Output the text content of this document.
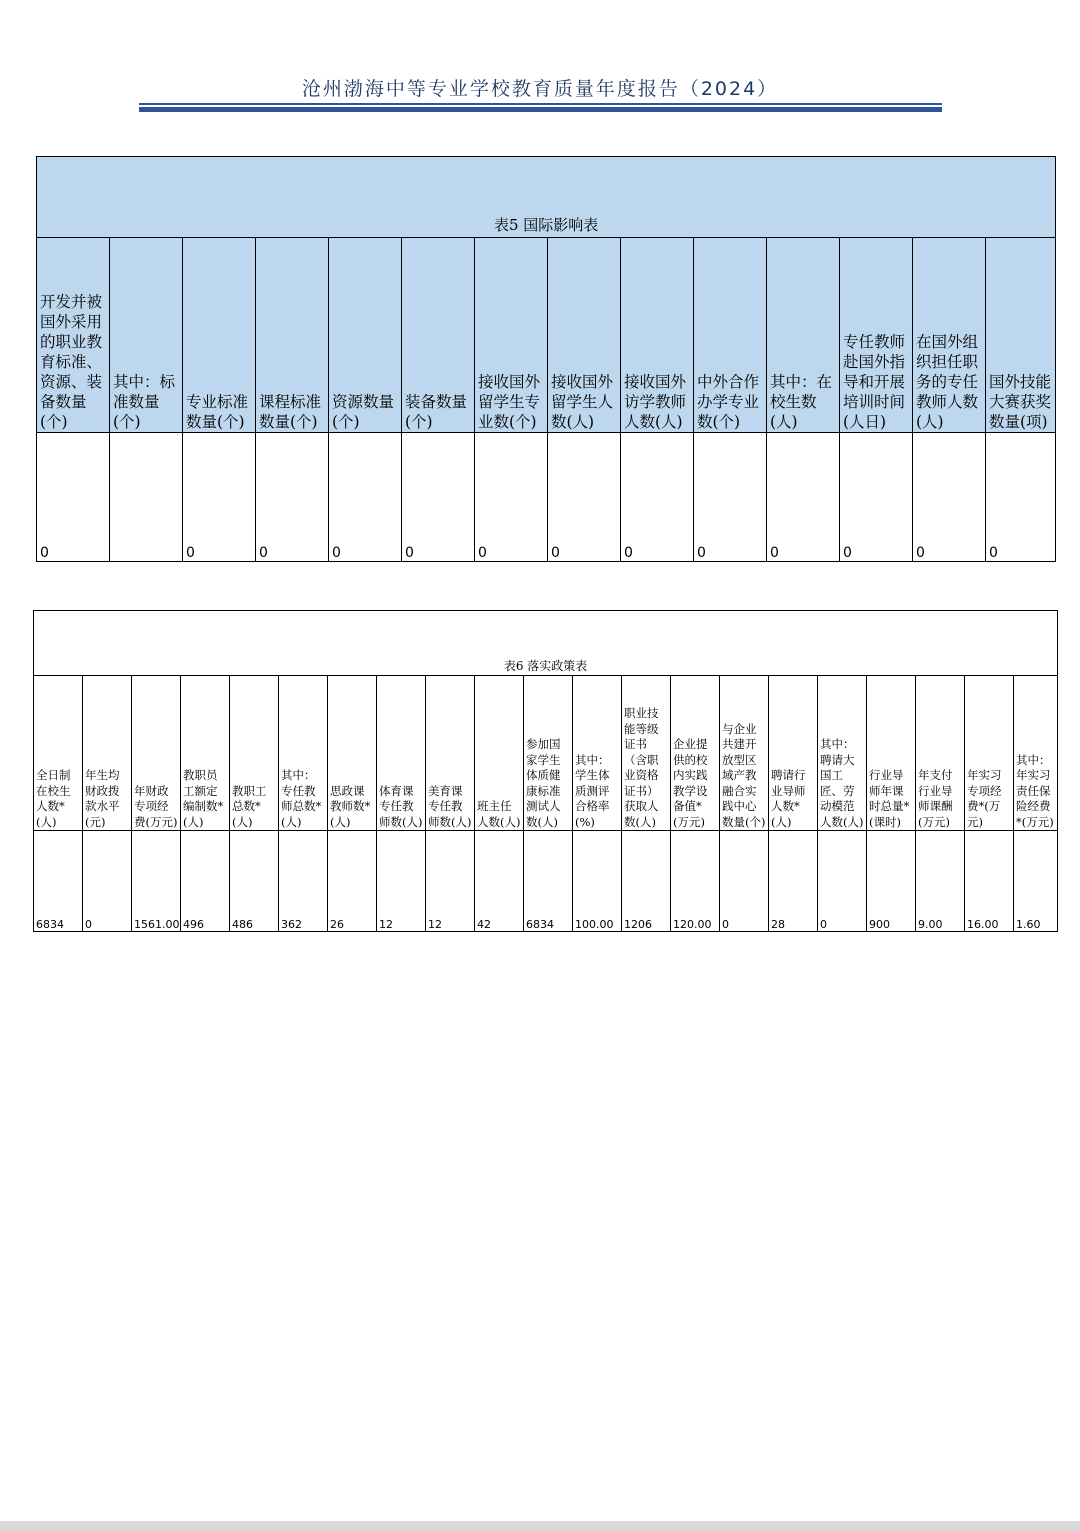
沧州渤海中等专业学校教育质量年度报告（2024）
表5 国际影响表													
开发并被国外采用的职业教育标准、资源、装备数量(个)	其中：标准数量(个)	专业标准数量(个)	课程标准数量(个)	资源数量(个)	装备数量(个)	接收国外留学生专业数(个)	接收国外留学生人数(人)	接收国外访学教师人数(人)	中外合作办学专业数(个)	其中：在校生数(人)	专任教师赴国外指导和开展培训时间(人日)	在国外组织担任职务的专任教师人数(人)	国外技能大赛获奖数量(项)
0		0	0	0	0	0	0	0	0	0	0	0	0
表6 落实政策表																				
全日制在校生人数*(人)	年生均财政拨款水平(元)	年财政专项经费(万元)	教职员工额定编制数*(人)	教职工总数*(人)	其中：专任教师总数*(人)	思政课教师数*(人)	体育课专任教师数(人)	美育课专任教师数(人)	班主任人数(人)	参加国家学生体质健康标准测试人数(人)	其中：学生体质测评合格率(%)	职业技能等级证书（含职业资格证书）获取人数(人)	企业提供的校内实践教学设备值*(万元)	与企业共建开放型区域产教融合实践中心数量(个)	聘请行业导师人数*(人)	其中：聘请大国工匠、劳动模范人数(人)	行业导师年课时总量*(课时)	年支付行业导师课酬(万元)	年实习专项经费*(万元)	其中：年实习责任保险经费*(万元)
6834	0	1561.00	496	486	362	26	12	12	42	6834	100.00	1206	120.00	0	28	0	900	9.00	16.00	1.60
